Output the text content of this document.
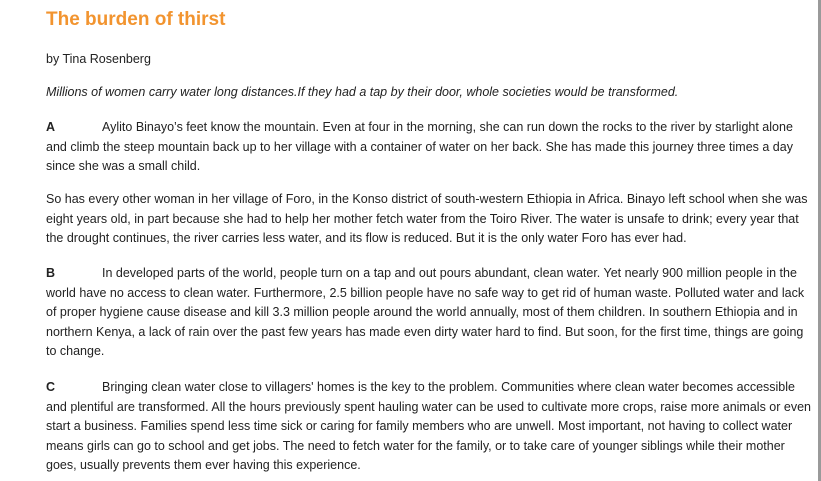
The burden of thirst

by Tina Rosenberg

Millions of women carry water long distances.If they had a tap by their door, whole societies would be transformed.

A	Aylito Binayo’s feet know the mountain. Even at four in the morning, she can run down the rocks to the river by starlight alone and climb the steep mountain back up to her village with a container of water on her back. She has made this journey three times a day since she was a small child.

So has every other woman in her village of Foro, in the Konso district of south-western Ethiopia in Africa. Binayo left school when she was eight years old, in part because she had to help her mother fetch water from the Toiro River. The water is unsafe to drink; every year that the drought continues, the river carries less water, and its flow is reduced. But it is the only water Foro has ever had.

B	In developed parts of the world, people turn on a tap and out pours abundant, clean water. Yet nearly 900 million people in the world have no access to clean water. Furthermore, 2.5 billion people have no safe way to get rid of human waste. Polluted water and lack of proper hygiene cause disease and kill 3.3 million people around the world annually, most of them children. In southern Ethiopia and in northern Kenya, a lack of rain over the past few years has made even dirty water hard to find. But soon, for the first time, things are going to change.

C	Bringing clean water close to villagers' homes is the key to the problem. Communities where clean water becomes accessible and plentiful are transformed. All the hours previously spent hauling water can be used to cultivate more crops, raise more animals or even start a business. Families spend less time sick or caring for family members who are unwell. Most important, not having to collect water means girls can go to school and get jobs. The need to fetch water for the family, or to take care of younger siblings while their mother goes, usually prevents them ever having this experience.
